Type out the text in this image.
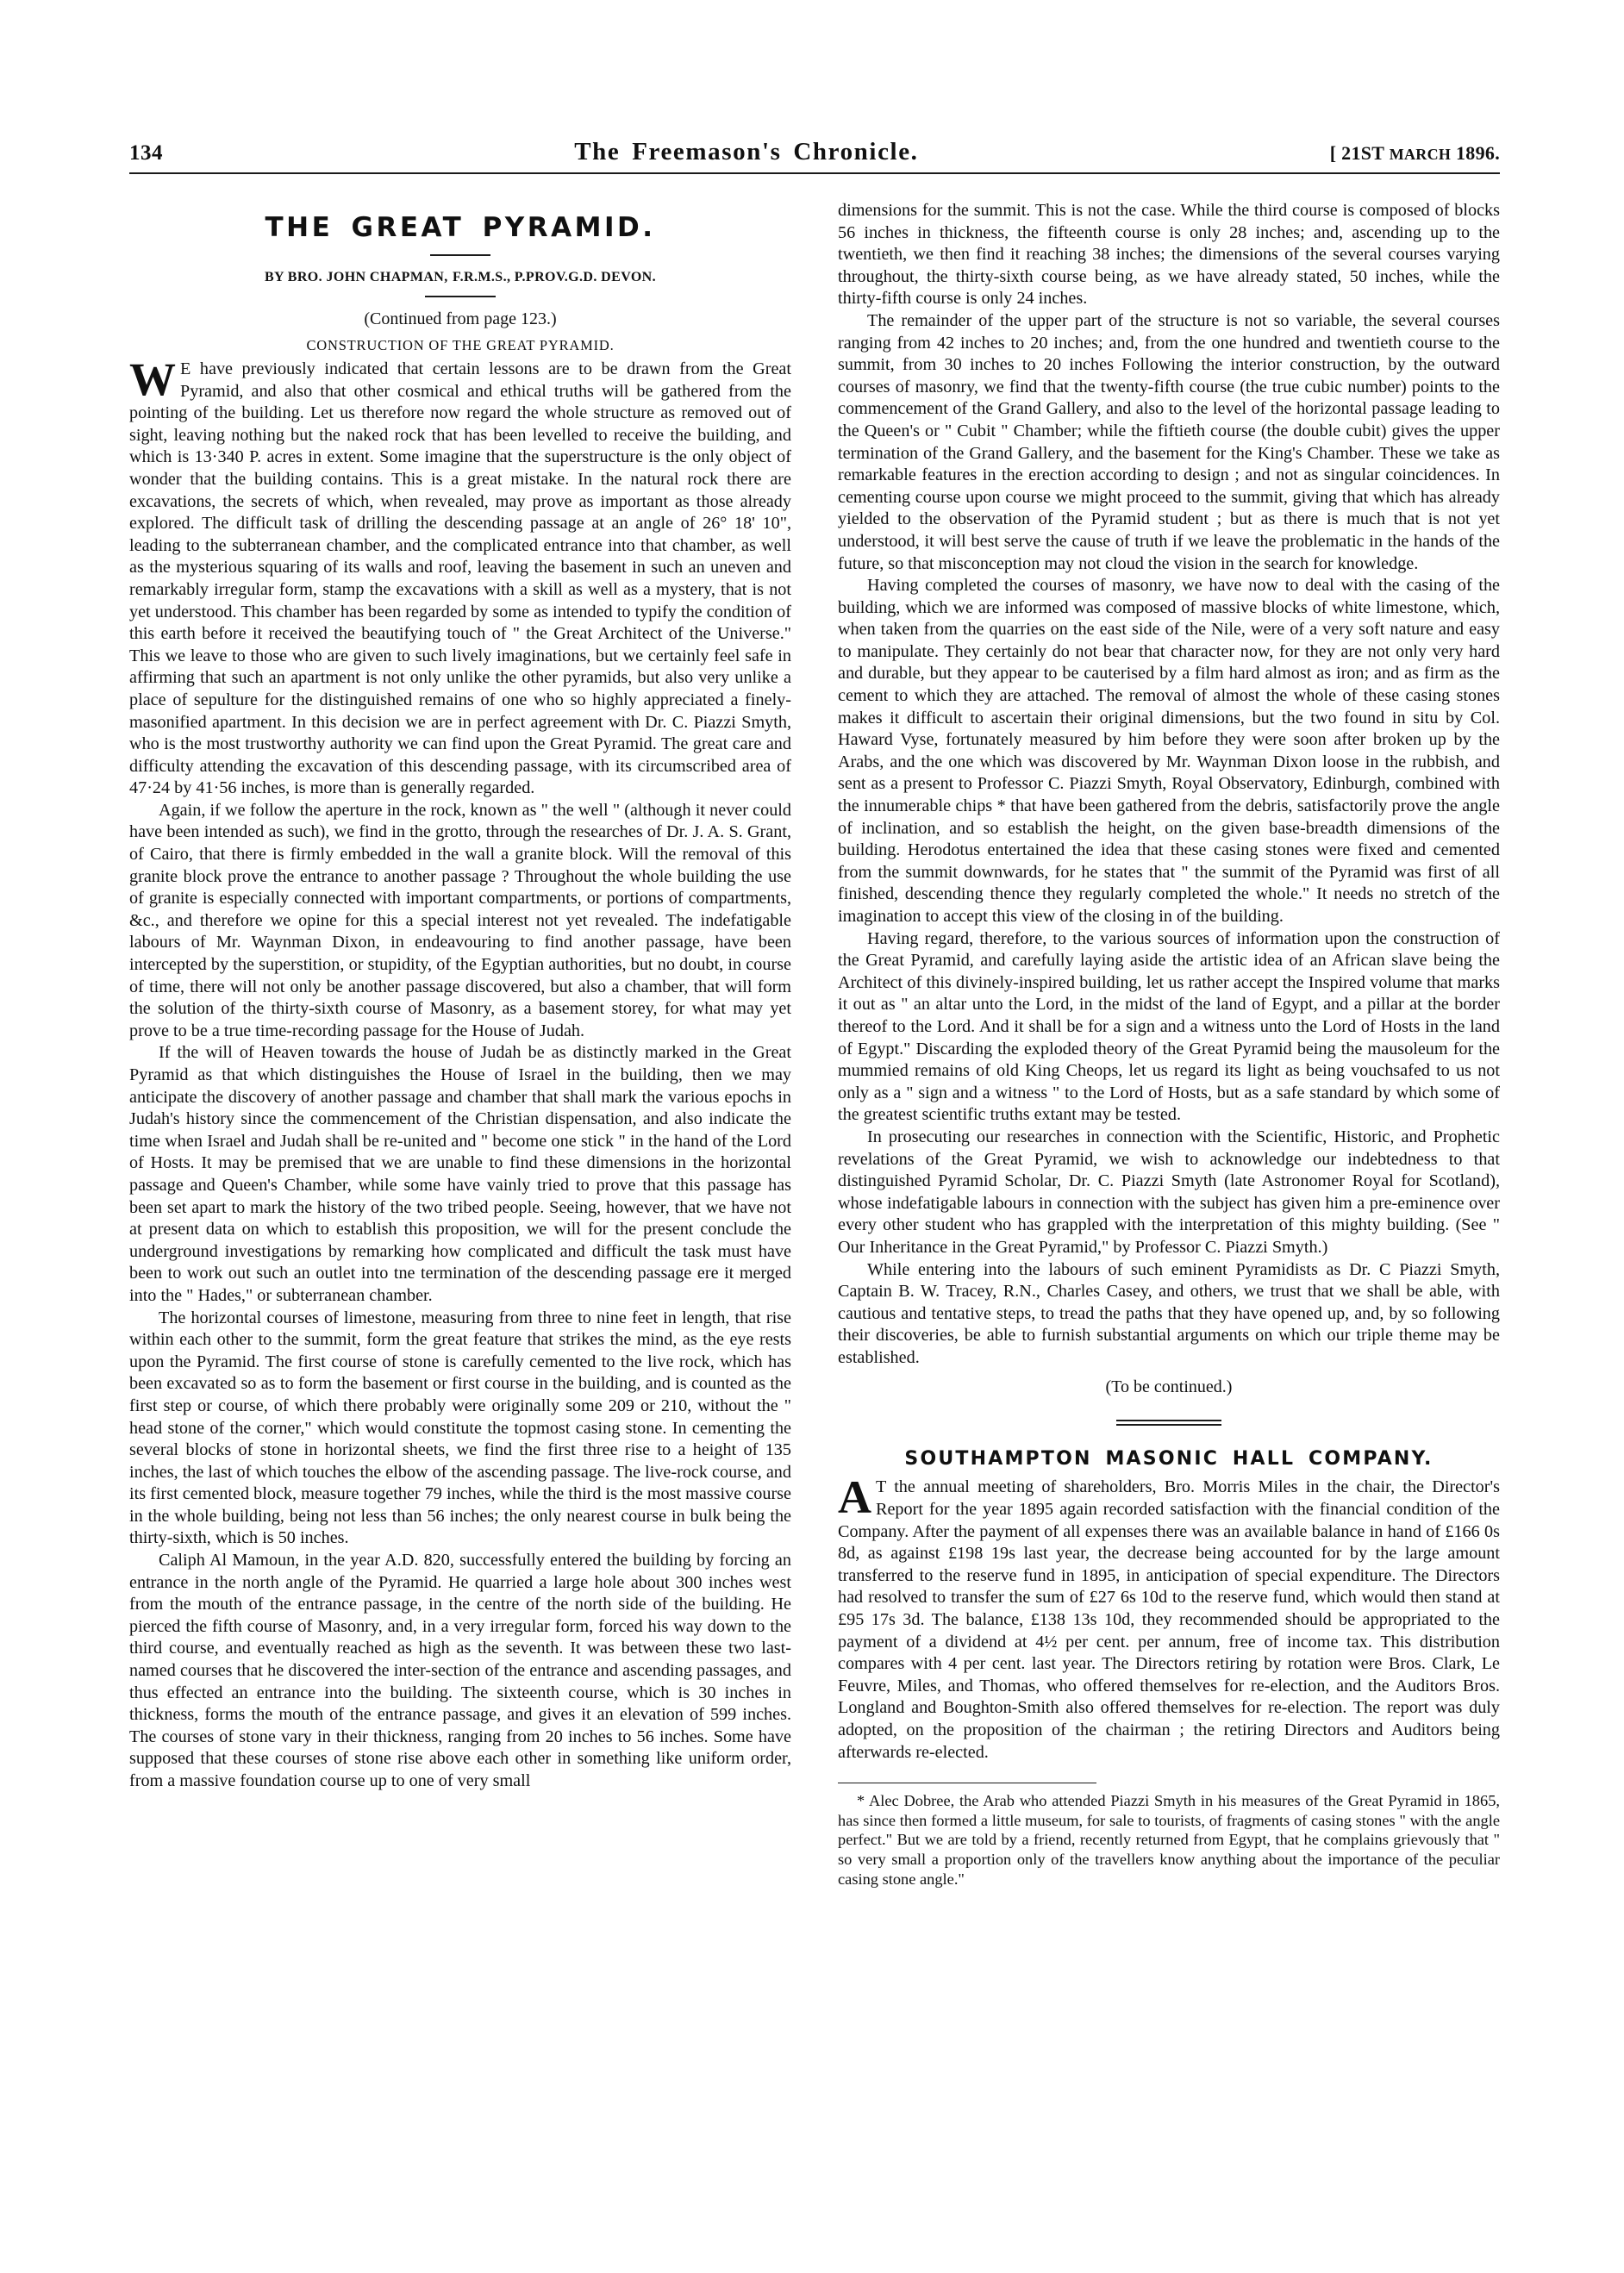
134	The Freemason's Chronicle.	[ 21ST MARCH 1896.
THE GREAT PYRAMID.
BY BRO. JOHN CHAPMAN, F.R.M.S., P.PROV.G.D. DEVON.
(Continued from page 123.)
CONSTRUCTION OF THE GREAT PYRAMID.

W E have previously indicated that certain lessons are to be drawn from the Great Pyramid, and also that other cosmical and ethical truths will be gathered from the pointing of the building. Let us therefore now regard the whole structure as removed out of sight, leaving nothing but the naked rock that has been levelled to receive the building, and which is 13·340 P. acres in extent. Some imagine that the superstructure is the only object of wonder that the building contains. This is a great mistake. In the natural rock there are excavations, the secrets of which, when revealed, may prove as important as those already explored. The difficult task of drilling the descending passage at an angle of 26° 18' 10", leading to the subterranean chamber, and the complicated entrance into that chamber, as well as the mysterious squaring of its walls and roof, leaving the basement in such an uneven and remarkably irregular form, stamp the excavations with a skill as well as a mystery, that is not yet understood. This chamber has been regarded by some as intended to typify the condition of this earth before it received the beautifying touch of " the Great Architect of the Universe." This we leave to those who are given to such lively imaginations, but we certainly feel safe in affirming that such an apartment is not only unlike the other pyramids, but also very unlike a place of sepulture for the distinguished remains of one who so highly appreciated a finely-masonified apartment. In this decision we are in perfect agreement with Dr. C. Piazzi Smyth, who is the most trustworthy authority we can find upon the Great Pyramid. The great care and difficulty attending the excavation of this descending passage, with its circumscribed area of 47·24 by 41·56 inches, is more than is generally regarded.

Again, if we follow the aperture in the rock, known as " the well " (although it never could have been intended as such), we find in the grotto, through the researches of Dr. J. A. S. Grant, of Cairo, that there is firmly embedded in the wall a granite block. Will the removal of this granite block prove the entrance to another passage ? Throughout the whole building the use of granite is especially connected with important compartments, or portions of compartments, &c., and therefore we opine for this a special interest not yet revealed. The indefatigable labours of Mr. Waynman Dixon, in endeavouring to find another passage, have been intercepted by the superstition, or stupidity, of the Egyptian authorities, but no doubt, in course of time, there will not only be another passage discovered, but also a chamber, that will form the solution of the thirty-sixth course of Masonry, as a basement storey, for what may yet prove to be a true time-recording passage for the House of Judah.

If the will of Heaven towards the house of Judah be as distinctly marked in the Great Pyramid as that which distinguishes the House of Israel in the building, then we may anticipate the discovery of another passage and chamber that shall mark the various epochs in Judah's history since the commencement of the Christian dispensation, and also indicate the time when Israel and Judah shall be re-united and " become one stick " in the hand of the Lord of Hosts. It may be premised that we are unable to find these dimensions in the horizontal passage and Queen's Chamber, while some have vainly tried to prove that this passage has been set apart to mark the history of the two tribed people. Seeing, however, that we have not at present data on which to establish this proposition, we will for the present conclude the underground investigations by remarking how complicated and difficult the task must have been to work out such an outlet into tne termination of the descending passage ere it merged into the " Hades," or subterranean chamber.

The horizontal courses of limestone, measuring from three to nine feet in length, that rise within each other to the summit, form the great feature that strikes the mind, as the eye rests upon the Pyramid. The first course of stone is carefully cemented to the live rock, which has been excavated so as to form the basement or first course in the building, and is counted as the first step or course, of which there probably were originally some 209 or 210, without the " head stone of the corner," which would constitute the topmost casing stone. In cementing the several blocks of stone in horizontal sheets, we find the first three rise to a height of 135 inches, the last of which touches the elbow of the ascending passage. The live-rock course, and its first cemented block, measure together 79 inches, while the third is the most massive course in the whole building, being not less than 56 inches; the only nearest course in bulk being the thirty-sixth, which is 50 inches.

Caliph Al Mamoun, in the year A.D. 820, successfully entered the building by forcing an entrance in the north angle of the Pyramid. He quarried a large hole about 300 inches west from the mouth of the entrance passage, in the centre of the north side of the building. He pierced the fifth course of Masonry, and, in a very irregular form, forced his way down to the third course, and eventually reached as high as the seventh. It was between these two last-named courses that he discovered the inter-section of the entrance and ascending passages, and thus effected an entrance into the building. The sixteenth course, which is 30 inches in thickness, forms the mouth of the entrance passage, and gives it an elevation of 599 inches. The courses of stone vary in their thickness, ranging from 20 inches to 56 inches. Some have supposed that these courses of stone rise above each other in something like uniform order, from a massive foundation course up to one of very small

dimensions for the summit. This is not the case. While the third course is composed of blocks 56 inches in thickness, the fifteenth course is only 28 inches; and, ascending up to the twentieth, we then find it reaching 38 inches; the dimensions of the several courses varying throughout, the thirty-sixth course being, as we have already stated, 50 inches, while the thirty-fifth course is only 24 inches.

The remainder of the upper part of the structure is not so variable, the several courses ranging from 42 inches to 20 inches; and, from the one hundred and twentieth course to the summit, from 30 inches to 20 inches Following the interior construction, by the outward courses of masonry, we find that the twenty-fifth course (the true cubic number) points to the commencement of the Grand Gallery, and also to the level of the horizontal passage leading to the Queen's or " Cubit " Chamber; while the fiftieth course (the double cubit) gives the upper termination of the Grand Gallery, and the basement for the King's Chamber. These we take as remarkable features in the erection according to design ; and not as singular coincidences. In cementing course upon course we might proceed to the summit, giving that which has already yielded to the observation of the Pyramid student ; but as there is much that is not yet understood, it will best serve the cause of truth if we leave the problematic in the hands of the future, so that misconception may not cloud the vision in the search for knowledge.

Having completed the courses of masonry, we have now to deal with the casing of the building, which we are informed was composed of massive blocks of white limestone, which, when taken from the quarries on the east side of the Nile, were of a very soft nature and easy to manipulate. They certainly do not bear that character now, for they are not only very hard and durable, but they appear to be cauterised by a film hard almost as iron; and as firm as the cement to which they are attached. The removal of almost the whole of these casing stones makes it difficult to ascertain their original dimensions, but the two found in situ by Col. Haward Vyse, fortunately measured by him before they were soon after broken up by the Arabs, and the one which was discovered by Mr. Waynman Dixon loose in the rubbish, and sent as a present to Professor C. Piazzi Smyth, Royal Observatory, Edinburgh, combined with the innumerable chips * that have been gathered from the debris, satisfactorily prove the angle of inclination, and so establish the height, on the given base-breadth dimensions of the building. Herodotus entertained the idea that these casing stones were fixed and cemented from the summit downwards, for he states that " the summit of the Pyramid was first of all finished, descending thence they regularly completed the whole." It needs no stretch of the imagination to accept this view of the closing in of the building.

Having regard, therefore, to the various sources of information upon the construction of the Great Pyramid, and carefully laying aside the artistic idea of an African slave being the Architect of this divinely-inspired building, let us rather accept the Inspired volume that marks it out as " an altar unto the Lord, in the midst of the land of Egypt, and a pillar at the border thereof to the Lord. And it shall be for a sign and a witness unto the Lord of Hosts in the land of Egypt." Discarding the exploded theory of the Great Pyramid being the mausoleum for the mummied remains of old King Cheops, let us regard its light as being vouchsafed to us not only as a " sign and a witness " to the Lord of Hosts, but as a safe standard by which some of the greatest scientific truths extant may be tested.

In prosecuting our researches in connection with the Scientific, Historic, and Prophetic revelations of the Great Pyramid, we wish to acknowledge our indebtedness to that distinguished Pyramid Scholar, Dr. C. Piazzi Smyth (late Astronomer Royal for Scotland), whose indefatigable labours in connection with the subject has given him a pre-eminence over every other student who has grappled with the interpretation of this mighty building. (See " Our Inheritance in the Great Pyramid," by Professor C. Piazzi Smyth.)

While entering into the labours of such eminent Pyramidists as Dr. C Piazzi Smyth, Captain B. W. Tracey, R.N., Charles Casey, and others, we trust that we shall be able, with cautious and tentative steps, to tread the paths that they have opened up, and, by so following their discoveries, be able to furnish substantial arguments on which our triple theme may be established.

(To be continued.)
SOUTHAMPTON MASONIC HALL COMPANY.

A T the annual meeting of shareholders, Bro. Morris Miles in the chair, the Director's Report for the year 1895 again recorded satisfaction with the financial condition of the Company. After the payment of all expenses there was an available balance in hand of £166 0s 8d, as against £198 19s last year, the decrease being accounted for by the large amount transferred to the reserve fund in 1895, in anticipation of special expenditure. The Directors had resolved to transfer the sum of £27 6s 10d to the reserve fund, which would then stand at £95 17s 3d. The balance, £138 13s 10d, they recommended should be appropriated to the payment of a dividend at 4½ per cent. per annum, free of income tax. This distribution compares with 4 per cent. last year. The Directors retiring by rotation were Bros. Clark, Le Feuvre, Miles, and Thomas, who offered themselves for re-election, and the Auditors Bros. Longland and Boughton-Smith also offered themselves for re-election. The report was duly adopted, on the proposition of the chairman ; the retiring Directors and Auditors being afterwards re-elected.

* Alec Dobree, the Arab who attended Piazzi Smyth in his measures of the Great Pyramid in 1865, has since then formed a little museum, for sale to tourists, of fragments of casing stones " with the angle perfect." But we are told by a friend, recently returned from Egypt, that he complains grievously that " so very small a proportion only of the travellers know anything about the importance of the peculiar casing stone angle."
